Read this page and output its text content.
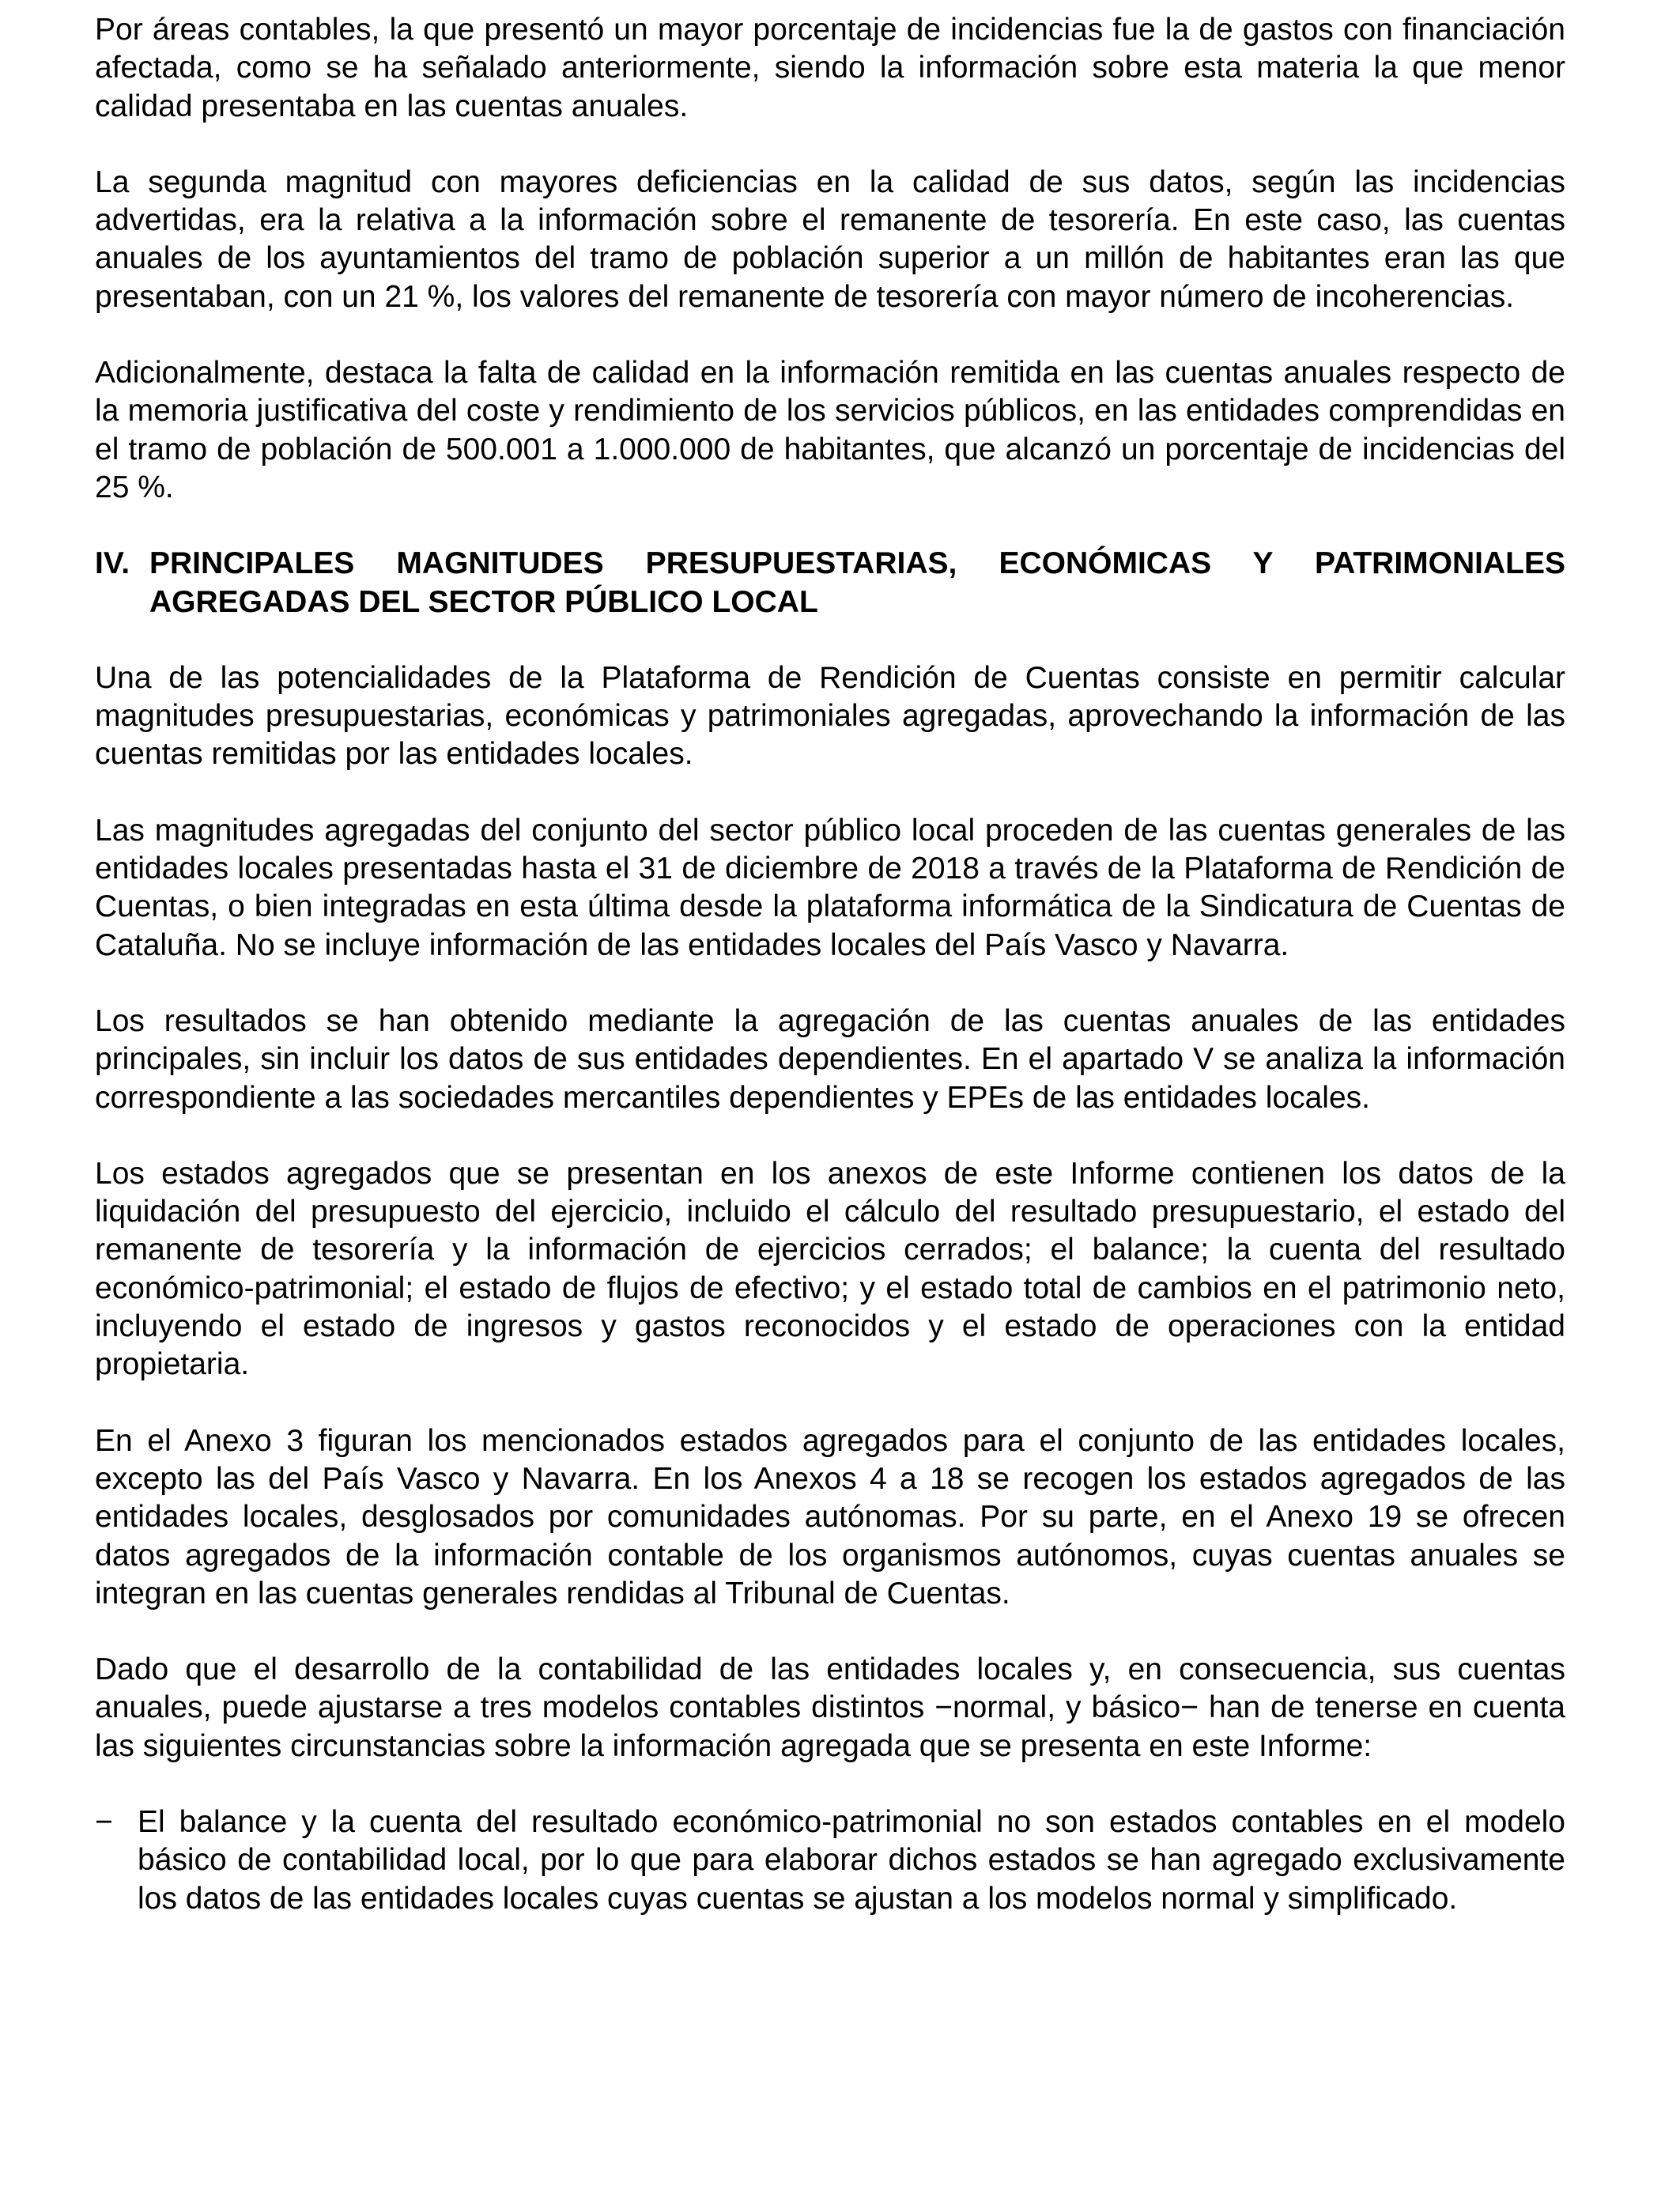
Por áreas contables, la que presentó un mayor porcentaje de incidencias fue la de gastos con financiación afectada, como se ha señalado anteriormente, siendo la información sobre esta materia la que menor calidad presentaba en las cuentas anuales.

La segunda magnitud con mayores deficiencias en la calidad de sus datos, según las incidencias advertidas, era la relativa a la información sobre el remanente de tesorería. En este caso, las cuentas anuales de los ayuntamientos del tramo de población superior a un millón de habitantes eran las que presentaban, con un 21 %, los valores del remanente de tesorería con mayor número de incoherencias.

Adicionalmente, destaca la falta de calidad en la información remitida en las cuentas anuales respecto de la memoria justificativa del coste y rendimiento de los servicios públicos, en las entidades comprendidas en el tramo de población de 500.001 a 1.000.000 de habitantes, que alcanzó un porcentaje de incidencias del 25 %.

IV. PRINCIPALES MAGNITUDES PRESUPUESTARIAS, ECONÓMICAS Y PATRIMONIALES AGREGADAS DEL SECTOR PÚBLICO LOCAL

Una de las potencialidades de la Plataforma de Rendición de Cuentas consiste en permitir calcular magnitudes presupuestarias, económicas y patrimoniales agregadas, aprovechando la información de las cuentas remitidas por las entidades locales.

Las magnitudes agregadas del conjunto del sector público local proceden de las cuentas generales de las entidades locales presentadas hasta el 31 de diciembre de 2018 a través de la Plataforma de Rendición de Cuentas, o bien integradas en esta última desde la plataforma informática de la Sindicatura de Cuentas de Cataluña. No se incluye información de las entidades locales del País Vasco y Navarra.

Los resultados se han obtenido mediante la agregación de las cuentas anuales de las entidades principales, sin incluir los datos de sus entidades dependientes. En el apartado V se analiza la información correspondiente a las sociedades mercantiles dependientes y EPEs de las entidades locales.

Los estados agregados que se presentan en los anexos de este Informe contienen los datos de la liquidación del presupuesto del ejercicio, incluido el cálculo del resultado presupuestario, el estado del remanente de tesorería y la información de ejercicios cerrados; el balance; la cuenta del resultado económico-patrimonial; el estado de flujos de efectivo; y el estado total de cambios en el patrimonio neto, incluyendo el estado de ingresos y gastos reconocidos y el estado de operaciones con la entidad propietaria.

En el Anexo 3 figuran los mencionados estados agregados para el conjunto de las entidades locales, excepto las del País Vasco y Navarra. En los Anexos 4 a 18 se recogen los estados agregados de las entidades locales, desglosados por comunidades autónomas. Por su parte, en el Anexo 19 se ofrecen datos agregados de la información contable de los organismos autónomos, cuyas cuentas anuales se integran en las cuentas generales rendidas al Tribunal de Cuentas.

Dado que el desarrollo de la contabilidad de las entidades locales y, en consecuencia, sus cuentas anuales, puede ajustarse a tres modelos contables distintos −normal, y básico− han de tenerse en cuenta las siguientes circunstancias sobre la información agregada que se presenta en este Informe:

− El balance y la cuenta del resultado económico-patrimonial no son estados contables en el modelo básico de contabilidad local, por lo que para elaborar dichos estados se han agregado exclusivamente los datos de las entidades locales cuyas cuentas se ajustan a los modelos normal y simplificado.
